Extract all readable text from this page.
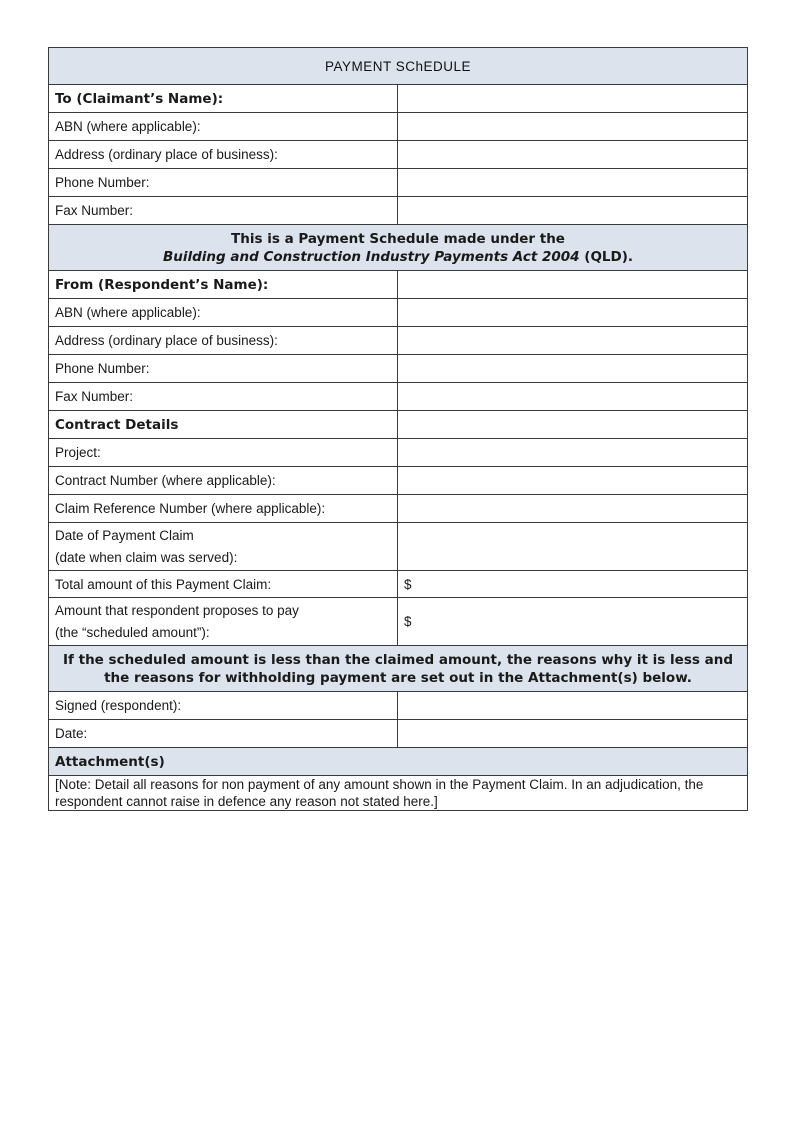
PAYMENT SChEDULE	
To (Claimant’s Name):	
ABN (where applicable):	
Address (ordinary place of business):	
Phone Number:	
Fax Number:	
This is a Payment Schedule made under the
Building and Construction Industry Payments Act 2004 (QLD).	
From (Respondent’s Name):	
ABN (where applicable):	
Address (ordinary place of business):	
Phone Number:	
Fax Number:	
Contract Details	
Project:	
Contract Number (where applicable):	
Claim Reference Number (where applicable):	
Date of Payment Claim
(date when claim was served):	
Total amount of this Payment Claim:	$
Amount that respondent proposes to pay
(the “scheduled amount”):	$
If the scheduled amount is less than the claimed amount, the reasons why it is less and the reasons for withholding payment are set out in the Attachment(s) below.	
Signed (respondent):	
Date:	
Attachment(s)	
[Note: Detail all reasons for non payment of any amount shown in the Payment Claim. In an adjudication, the respondent cannot raise in defence any reason not stated here.]	
